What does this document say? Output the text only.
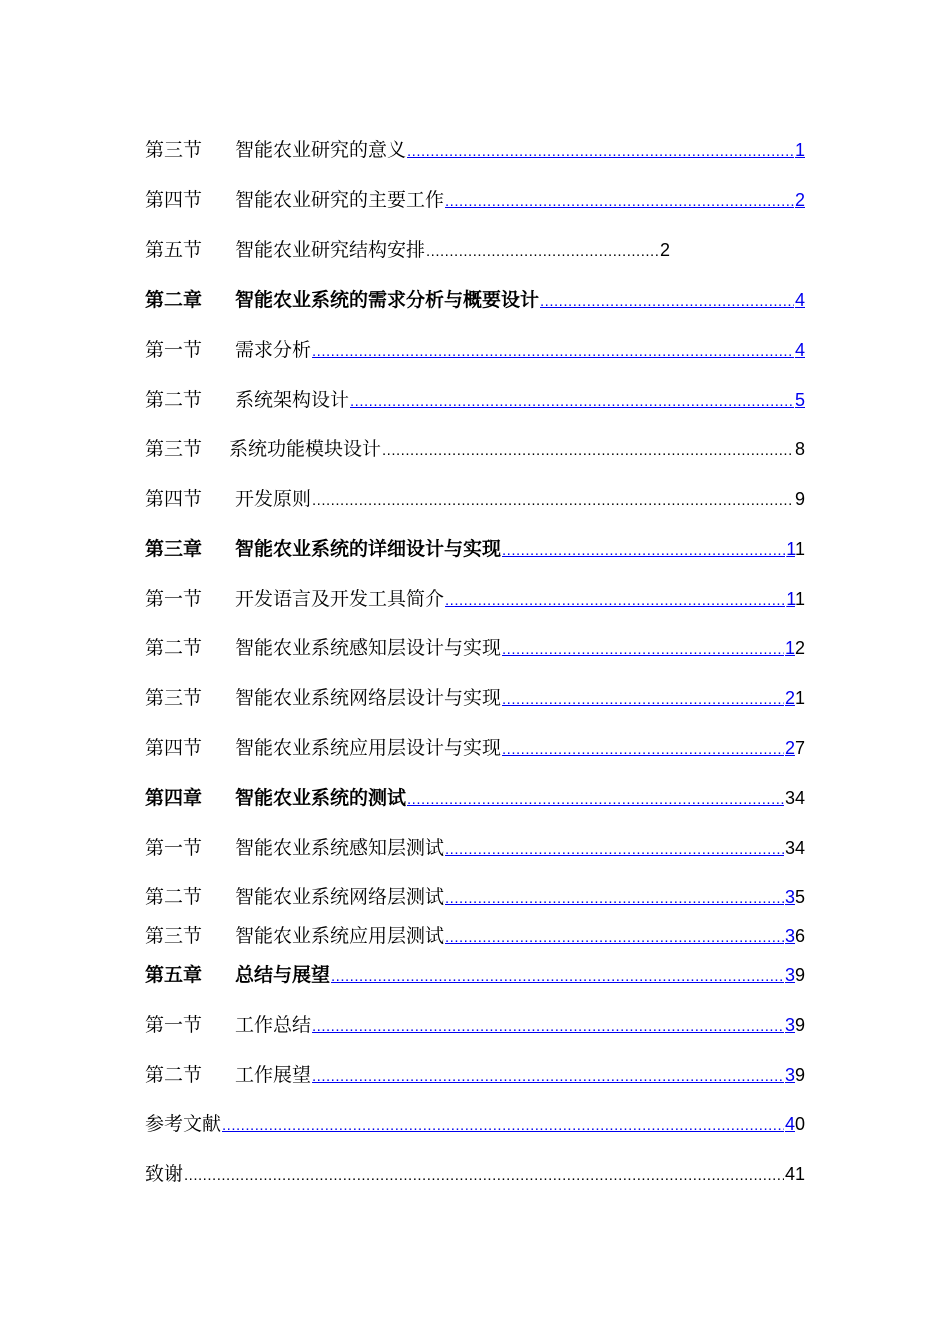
第三节 智能农业研究的意义 .....	1
第四节 智能农业研究的主要工作 .....	2
第五节 智能农业研究结构安排 .....	2
第二章 智能农业系统的需求分析与概要设计 .....	4
第一节 需求分析 .....	4
第二节 系统架构设计 .....	5
第三节 系统功能模块设计 .....	8
第四节 开发原则 .....	9
第三章 智能农业系统的详细设计与实现 .....	11
第一节 开发语言及开发工具简介 .....	11
第二节 智能农业系统感知层设计与实现 .....	12
第三节 智能农业系统网络层设计与实现 .....	21
第四节 智能农业系统应用层设计与实现 .....	27
第四章 智能农业系统的测试 .....	34
第一节 智能农业系统感知层测试 .....	34
第二节 智能农业系统网络层测试 .....	35
第三节 智能农业系统应用层测试 .....	36
第五章 总结与展望 .....	39
第一节 工作总结 .....	39
第二节 工作展望 .....	39
参考文献 .....	40
致谢 .....	41
